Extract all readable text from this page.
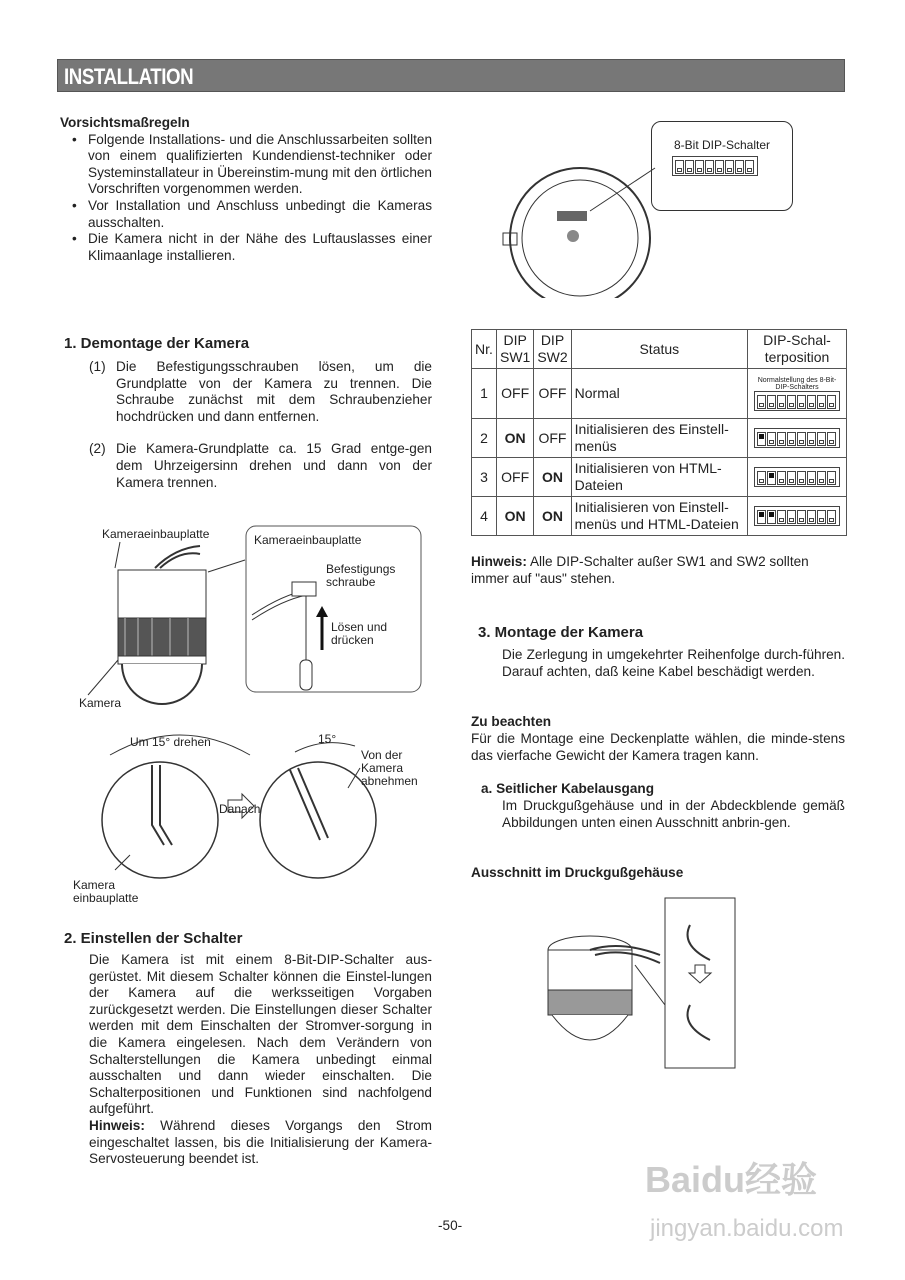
INSTALLATION
Vorsichtsmaßregeln
• Folgende Installations- und die Anschlussarbeiten sollten von einem qualifizierten Kundendienst-techniker oder Systeminstallateur in Übereinstim-mung mit den örtlichen Vorschriften vorgenommen werden.
• Vor Installation und Anschluss unbedingt die Kameras ausschalten.
• Die Kamera nicht in der Nähe des Luftauslasses einer Klimaanlage installieren.
1. Demontage der Kamera
(1) Die Befestigungsschrauben lösen, um die Grundplatte von der Kamera zu trennen. Die Schraube zunächst mit dem Schraubenzieher hochdrücken und dann entfernen.
(2) Die Kamera-Grundplatte ca. 15 Grad entge-gen dem Uhrzeigersinn drehen und dann von der Kamera trennen.
Kameraeinbauplatte	Kameraeinbauplatte
Befestigungs
schraube
Lösen und
drücken
Kamera
Um 15° drehen	15°
Von der
Kamera
abnehmen
Danach
Kamera
einbauplatte
2. Einstellen der Schalter
Die Kamera ist mit einem 8-Bit-DIP-Schalter aus-gerüstet. Mit diesem Schalter können die Einstel-lungen der Kamera auf die werksseitigen Vorgaben zurückgesetzt werden. Die Einstellungen dieser Schalter werden mit dem Einschalten der Stromver-sorgung in die Kamera eingelesen. Nach dem Verändern von Schalterstellungen die Kamera unbedingt einmal ausschalten und dann wieder einschalten. Die Schalterpositionen und Funktionen sind nachfolgend aufgeführt.
Hinweis: Während dieses Vorgangs den Strom eingeschaltet lassen, bis die Initialisierung der Kamera-Servosteuerung beendet ist.
8-Bit DIP-Schalter
Nr.	DIP SW1	DIP SW2	Status	DIP-Schal-terposition
1	OFF	OFF	Normal	Normalstellung des 8-Bit-DIP-Schalters

2	ON	OFF	Initialisieren des Einstell-menüs	
3	OFF	ON	Initialisieren von HTML-Dateien	
4	ON	ON	Initialisieren von Einstell-menüs und HTML-Dateien	
Hinweis: Alle DIP-Schalter außer SW1 and SW2 sollten immer auf "aus" stehen.
3. Montage der Kamera
Die Zerlegung in umgekehrter Reihenfolge durch-führen. Darauf achten, daß keine Kabel beschädigt werden.
Zu beachten
Für die Montage eine Deckenplatte wählen, die minde-stens das vierfache Gewicht der Kamera tragen kann.
a. Seitlicher Kabelausgang
Im Druckgußgehäuse und in der Abdeckblende gemäß Abbildungen unten einen Ausschnitt anbrin-gen.
Ausschnitt im Druckgußgehäuse
-50-
Baidu经验
jingyan.baidu.com
